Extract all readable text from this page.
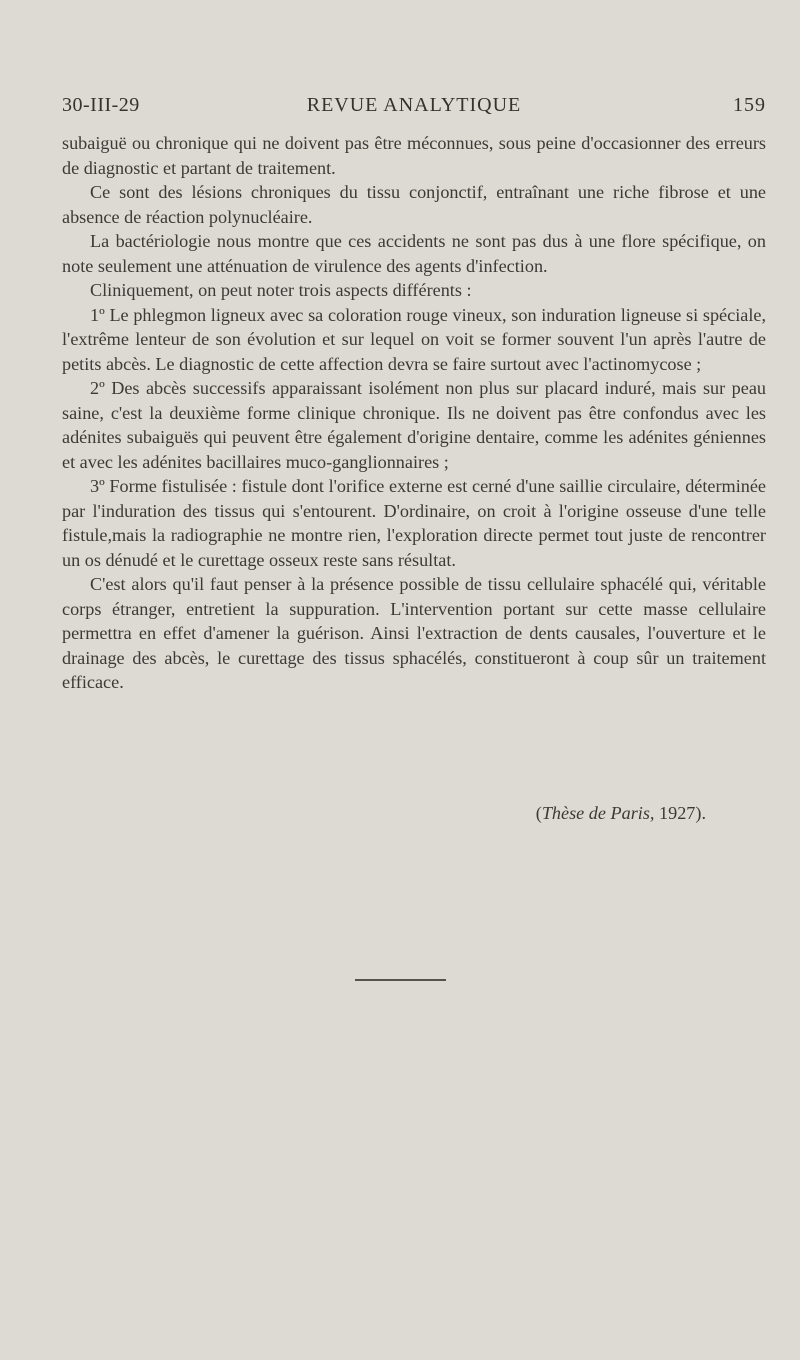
30-III-29	REVUE ANALYTIQUE	159

subaiguë ou chronique qui ne doivent pas être méconnues, sous peine d'occasionner des erreurs de diagnostic et partant de traitement.

Ce sont des lésions chroniques du tissu conjonctif, entraînant une riche fibrose et une absence de réaction polynucléaire.

La bactériologie nous montre que ces accidents ne sont pas dus à une flore spécifique, on note seulement une atténuation de virulence des agents d'infection.

Cliniquement, on peut noter trois aspects différents :

1º Le phlegmon ligneux avec sa coloration rouge vineux, son induration ligneuse si spéciale, l'extrême lenteur de son évolution et sur lequel on voit se former souvent l'un après l'autre de petits abcès. Le diagnostic de cette affection devra se faire surtout avec l'actinomycose ;

2º Des abcès successifs apparaissant isolément non plus sur placard induré, mais sur peau saine, c'est la deuxième forme clinique chronique. Ils ne doivent pas être confondus avec les adénites subaiguës qui peuvent être également d'origine dentaire, comme les adénites géniennes et avec les adénites bacillaires muco-ganglionnaires ;

3º Forme fistulisée : fistule dont l'orifice externe est cerné d'une saillie circulaire, déterminée par l'induration des tissus qui s'entourent. D'ordinaire, on croit à l'origine osseuse d'une telle fistule,mais la radiographie ne montre rien, l'exploration directe permet tout juste de rencontrer un os dénudé et le curettage osseux reste sans résultat.

C'est alors qu'il faut penser à la présence possible de tissu cellulaire sphacélé qui, véritable corps étranger, entretient la suppuration. L'intervention portant sur cette masse cellulaire permettra en effet d'amener la guérison. Ainsi l'extraction de dents causales, l'ouverture et le drainage des abcès, le curettage des tissus sphacélés, constitueront à coup sûr un traitement efficace.

(Thèse de Paris, 1927).
